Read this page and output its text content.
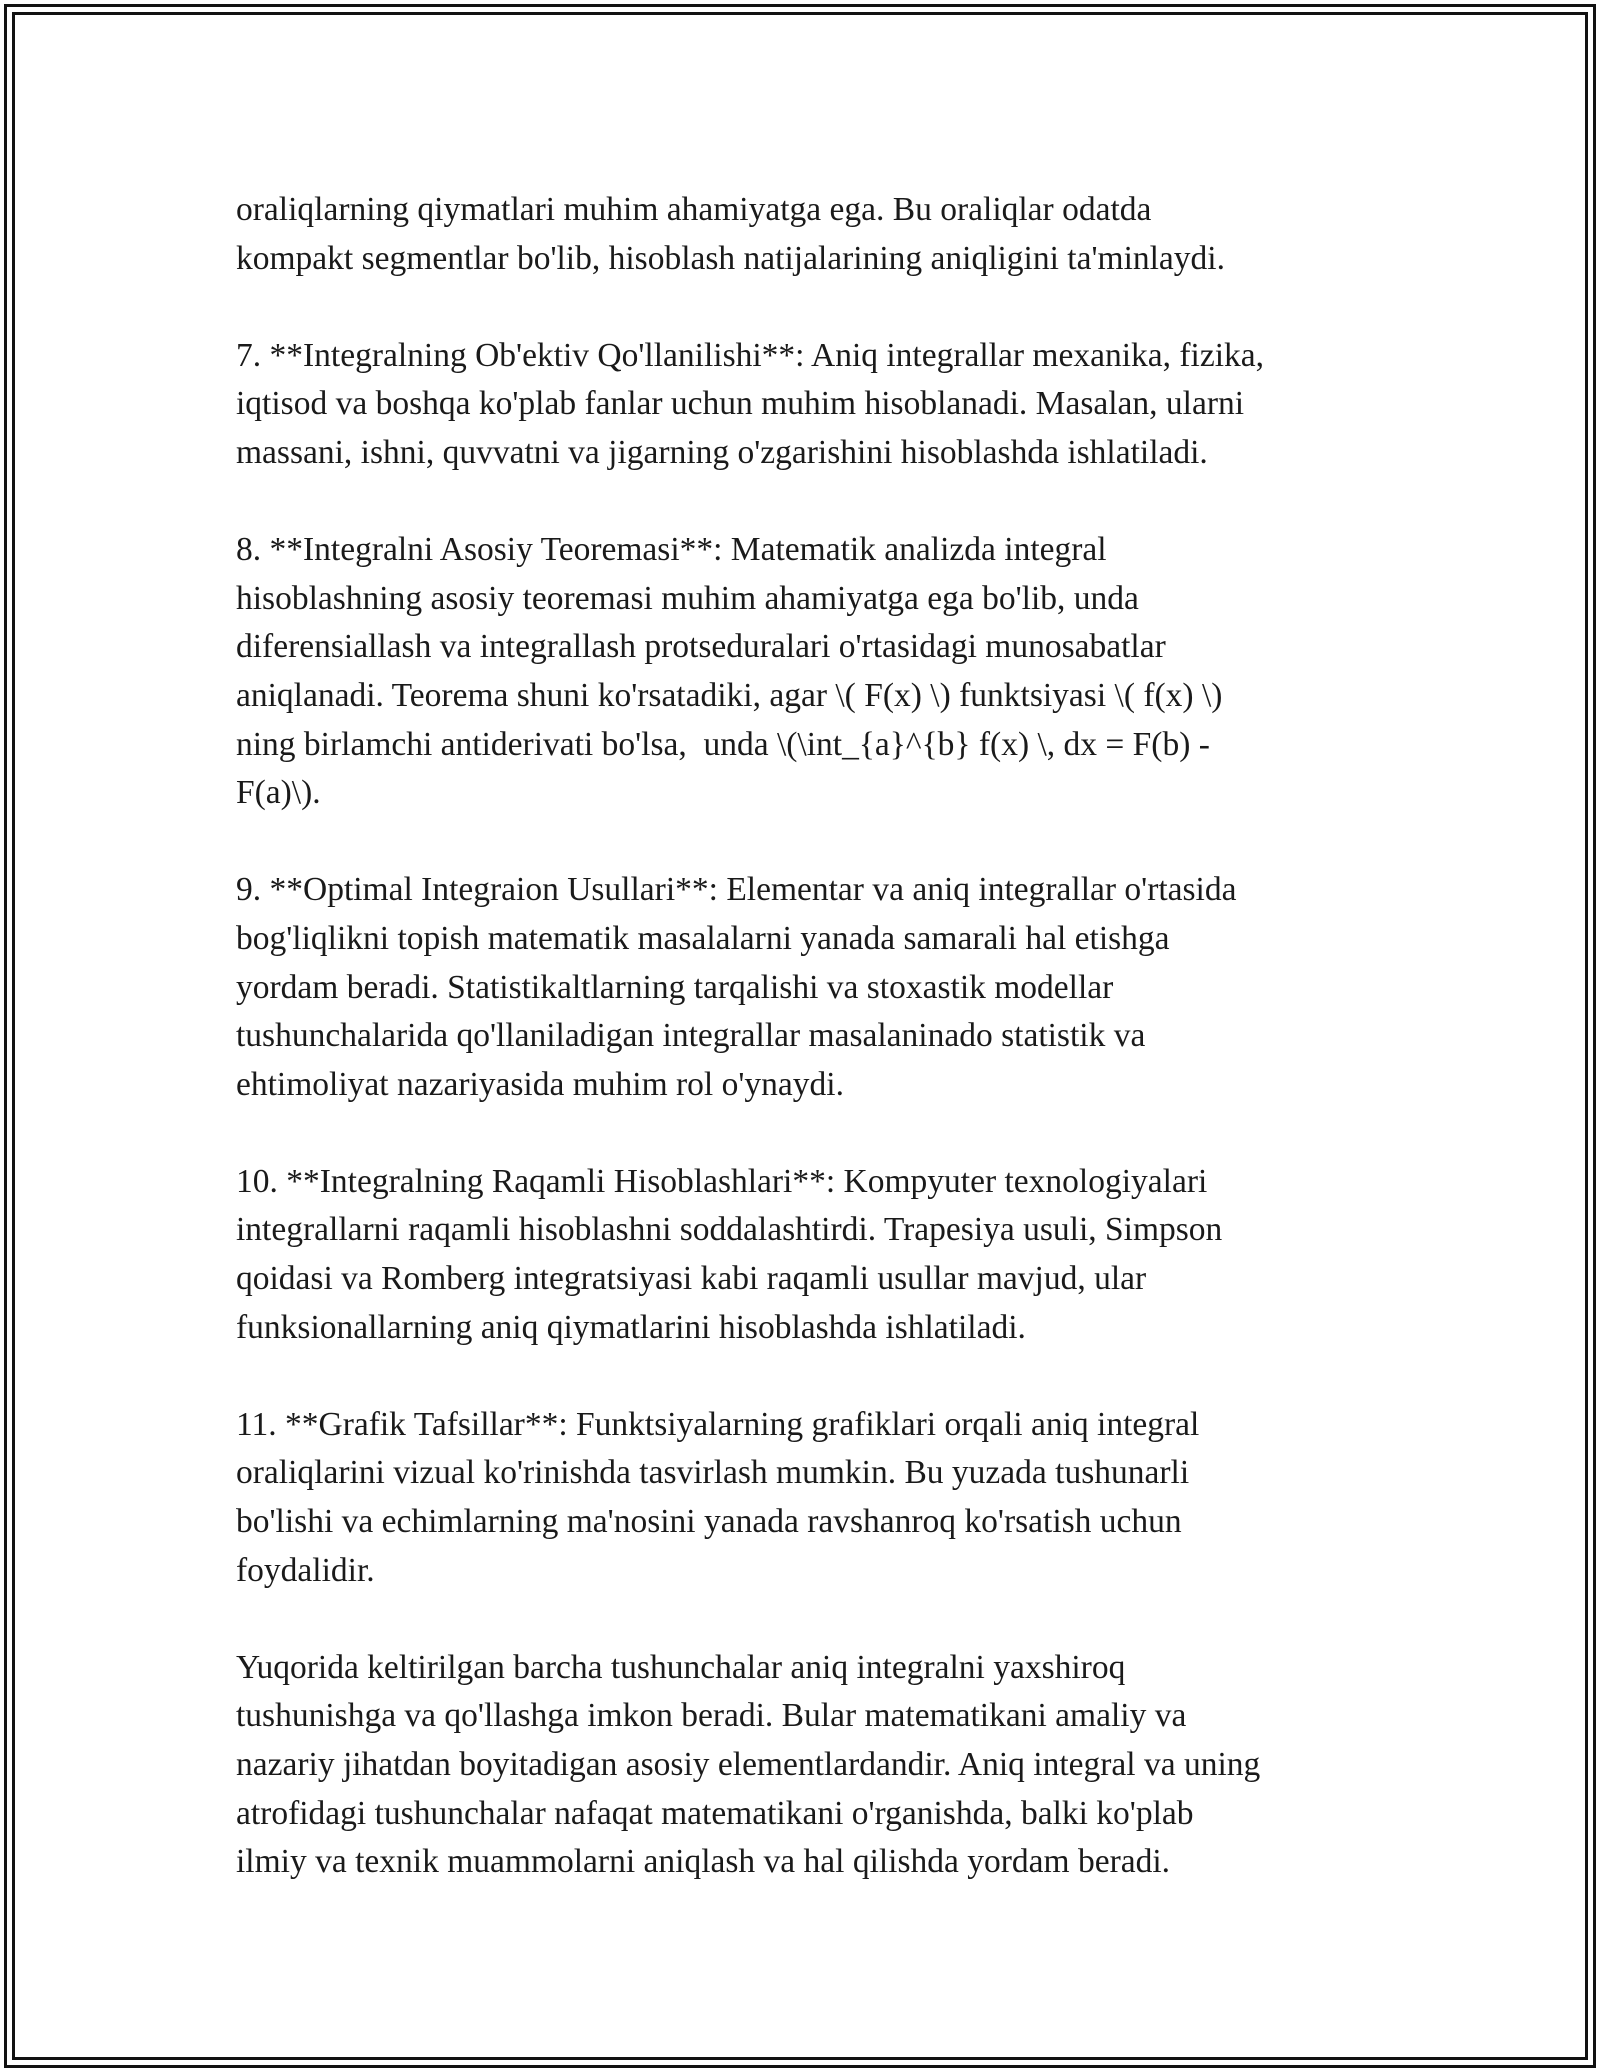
oraliqlarning qiymatlari muhim ahamiyatga ega. Bu oraliqlar odatda
kompakt segmentlar bo'lib, hisoblash natijalarining aniqligini ta'minlaydi.

7. **Integralning Ob'ektiv Qo'llanilishi**: Aniq integrallar mexanika, fizika,
iqtisod va boshqa ko'plab fanlar uchun muhim hisoblanadi. Masalan, ularni
massani, ishni, quvvatni va jigarning o'zgarishini hisoblashda ishlatiladi.

8. **Integralni Asosiy Teoremasi**: Matematik analizda integral
hisoblashning asosiy teoremasi muhim ahamiyatga ega bo'lib, unda
diferensiallash va integrallash protseduralari o'rtasidagi munosabatlar
aniqlanadi. Teorema shuni ko'rsatadiki, agar \( F(x) \) funktsiyasi \( f(x) \)
ning birlamchi antiderivati bo'lsa,  unda \(\int_{a}^{b} f(x) \, dx = F(b) -
F(a)\).

9. **Optimal Integraion Usullari**: Elementar va aniq integrallar o'rtasida
bog'liqlikni topish matematik masalalarni yanada samarali hal etishga
yordam beradi. Statistikaltlarning tarqalishi va stoxastik modellar
tushunchalarida qo'llaniladigan integrallar masalaninado statistik va
ehtimoliyat nazariyasida muhim rol o'ynaydi.

10. **Integralning Raqamli Hisoblashlari**: Kompyuter texnologiyalari
integrallarni raqamli hisoblashni soddalashtirdi. Trapesiya usuli, Simpson
qoidasi va Romberg integratsiyasi kabi raqamli usullar mavjud, ular
funksionallarning aniq qiymatlarini hisoblashda ishlatiladi.

11. **Grafik Tafsillar**: Funktsiyalarning grafiklari orqali aniq integral
oraliqlarini vizual ko'rinishda tasvirlash mumkin. Bu yuzada tushunarli
bo'lishi va echimlarning ma'nosini yanada ravshanroq ko'rsatish uchun
foydalidir.

Yuqorida keltirilgan barcha tushunchalar aniq integralni yaxshiroq
tushunishga va qo'llashga imkon beradi. Bular matematikani amaliy va
nazariy jihatdan boyitadigan asosiy elementlardandir. Aniq integral va uning
atrofidagi tushunchalar nafaqat matematikani o'rganishda, balki ko'plab
ilmiy va texnik muammolarni aniqlash va hal qilishda yordam beradi.
